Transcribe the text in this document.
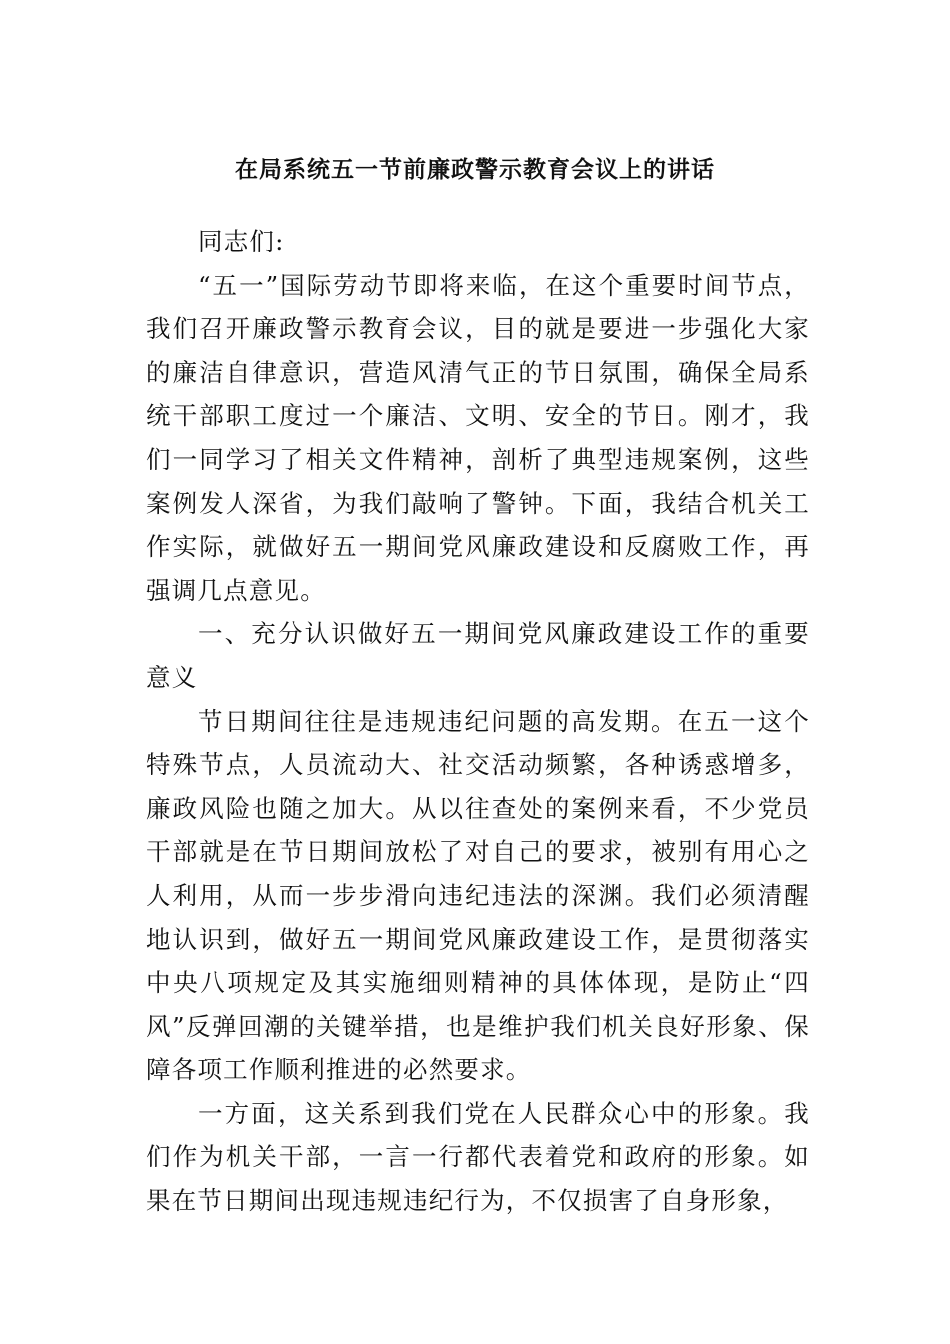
在局系统五一节前廉政警示教育会议上的讲话

同志们:

“五一”国际劳动节即将来临，在这个重要时间节点，我们召开廉政警示教育会议，目的就是要进一步强化大家的廉洁自律意识，营造风清气正的节日氛围，确保全局系统干部职工度过一个廉洁、文明、安全的节日。刚才，我们一同学习了相关文件精神，剖析了典型违规案例，这些案例发人深省，为我们敲响了警钟。下面，我结合机关工作实际，就做好五一期间党风廉政建设和反腐败工作，再强调几点意见。

一、充分认识做好五一期间党风廉政建设工作的重要意义

节日期间往往是违规违纪问题的高发期。在五一这个特殊节点，人员流动大、社交活动频繁，各种诱惑增多，廉政风险也随之加大。从以往查处的案例来看，不少党员干部就是在节日期间放松了对自己的要求，被别有用心之人利用，从而一步步滑向违纪违法的深渊。我们必须清醒地认识到，做好五一期间党风廉政建设工作，是贯彻落实中央八项规定及其实施细则精神的具体体现，是防止“四风”反弹回潮的关键举措，也是维护我们机关良好形象、保障各项工作顺利推进的必然要求。

一方面，这关系到我们党在人民群众心中的形象。我们作为机关干部，一言一行都代表着党和政府的形象。如果在节日期间出现违规违纪行为，不仅损害了自身形象，
